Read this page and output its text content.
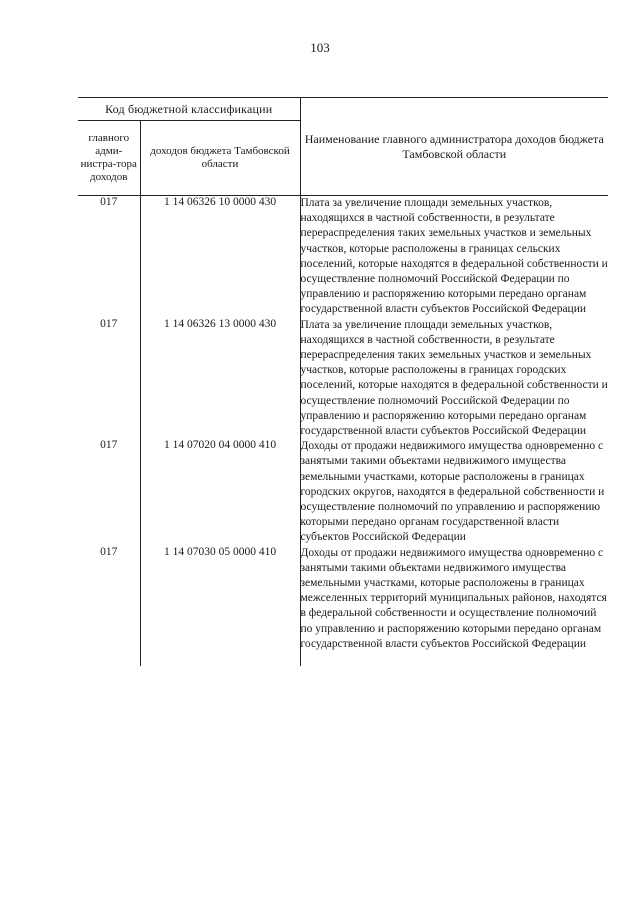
103
Код бюджетной классификации		Наименование главного администратора доходов бюджета Тамбовской области
главного адми-нистра-тора доходов	доходов бюджета Тамбовской области	
017	1 14 06326 10 0000 430	Плата за увеличение площади земельных участков, находящихся в частной собственности, в результате перераспределения таких земельных участков и земельных участков, которые расположены в границах сельских поселений, которые находятся в федеральной собственности и осуществление полномочий Российской Федерации по управлению и распоряжению которыми передано органам государственной власти субъектов Российской Федерации
017	1 14 06326 13 0000 430	Плата за увеличение площади земельных участков, находящихся в частной собственности, в результате перераспределения таких земельных участков и земельных участков, которые расположены в границах городских поселений, которые находятся в федеральной собственности и осуществление полномочий Российской Федерации по управлению и распоряжению которыми передано органам государственной власти субъектов Российской Федерации
017	1 14 07020 04 0000 410	Доходы от продажи недвижимого имущества одновременно с занятыми такими объектами недвижимого имущества земельными участками, которые расположены в границах городских округов, находятся в федеральной собственности и осуществление полномочий по управлению и распоряжению которыми передано органам государственной власти субъектов Российской Федерации
017	1 14 07030 05 0000 410	Доходы от продажи недвижимого имущества одновременно с занятыми такими объектами недвижимого имущества земельными участками, которые расположены в границах межселенных территорий муниципальных районов, находятся в федеральной собственности и осуществление полномочий по управлению и распоряжению которыми передано органам государственной власти субъектов Российской Федерации
